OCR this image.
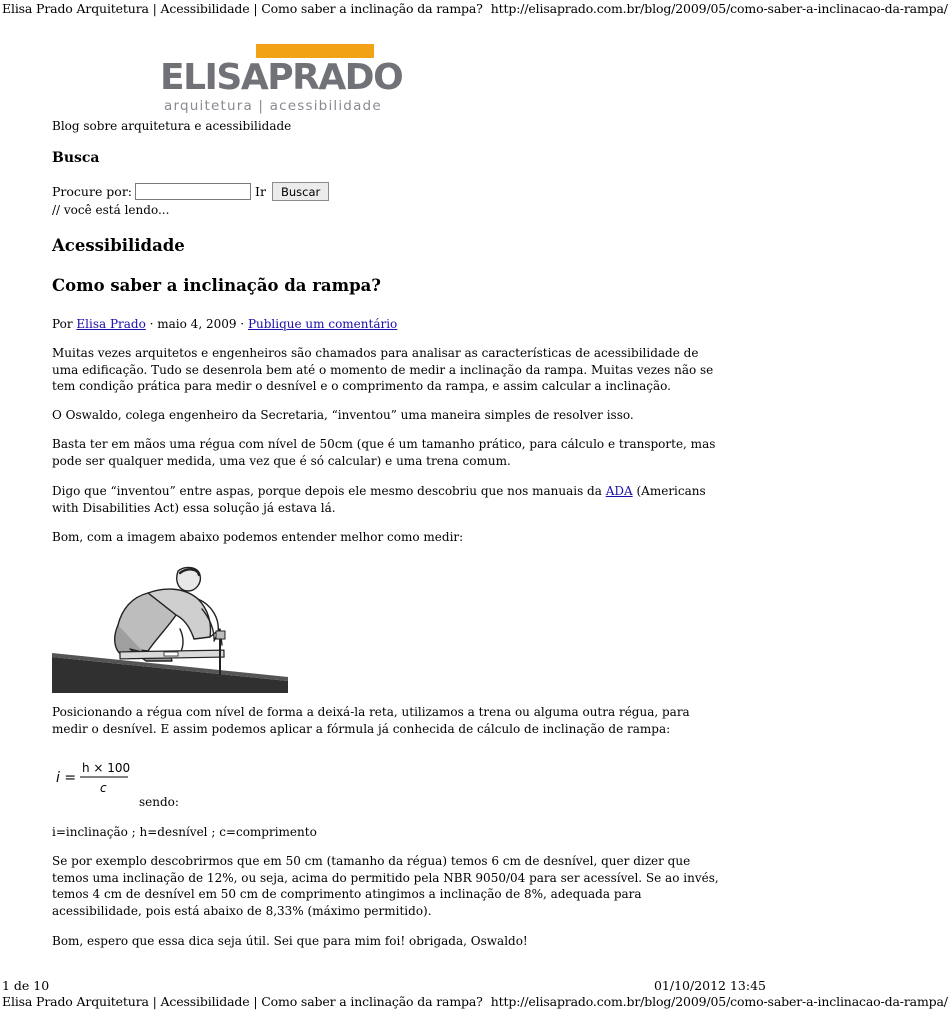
Elisa Prado Arquitetura | Acessibilidade | Como saber a inclinação da rampa? http://elisaprado.com.br/blog/2009/05/como-saber-a-inclinacao-da-rampa/
ELISAPRADO
arquitetura | acessibilidade
Blog sobre arquitetura e acessibilidade
Busca
Procure por:	Ir	Buscar
// você está lendo...
Acessibilidade
Como saber a inclinação da rampa?
Por Elisa Prado · maio 4, 2009 · Publique um comentário
Muitas vezes arquitetos e engenheiros são chamados para analisar as características de acessibilidade de uma edificação. Tudo se desenrola bem até o momento de medir a inclinação da rampa. Muitas vezes não se tem condição prática para medir o desnível e o comprimento da rampa, e assim calcular a inclinação.
O Oswaldo, colega engenheiro da Secretaria, “inventou” uma maneira simples de resolver isso.
Basta ter em mãos uma régua com nível de 50cm (que é um tamanho prático, para cálculo e transporte, mas pode ser qualquer medida, uma vez que é só calcular) e uma trena comum.
Digo que “inventou” entre aspas, porque depois ele mesmo descobriu que nos manuais da ADA (Americans with Disabilities Act) essa solução já estava lá.
Bom, com a imagem abaixo podemos entender melhor como medir:
Posicionando a régua com nível de forma a deixá-la reta, utilizamos a trena ou alguma outra régua, para medir o desnível. E assim podemos aplicar a fórmula já conhecida de cálculo de inclinação de rampa:
i =
h × 100
c
sendo:
i=inclinação ; h=desnível ; c=comprimento
Se por exemplo descobrirmos que em 50 cm (tamanho da régua) temos 6 cm de desnível, quer dizer que temos uma inclinação de 12%, ou seja, acima do permitido pela NBR 9050/04 para ser acessível. Se ao invés, temos 4 cm de desnível em 50 cm de comprimento atingimos a inclinação de 8%, adequada para acessibilidade, pois está abaixo de 8,33% (máximo permitido).
Bom, espero que essa dica seja útil. Sei que para mim foi! obrigada, Oswaldo!
1 de 10	01/10/2012 13:45
Elisa Prado Arquitetura | Acessibilidade | Como saber a inclinação da rampa? http://elisaprado.com.br/blog/2009/05/como-saber-a-inclinacao-da-rampa/
